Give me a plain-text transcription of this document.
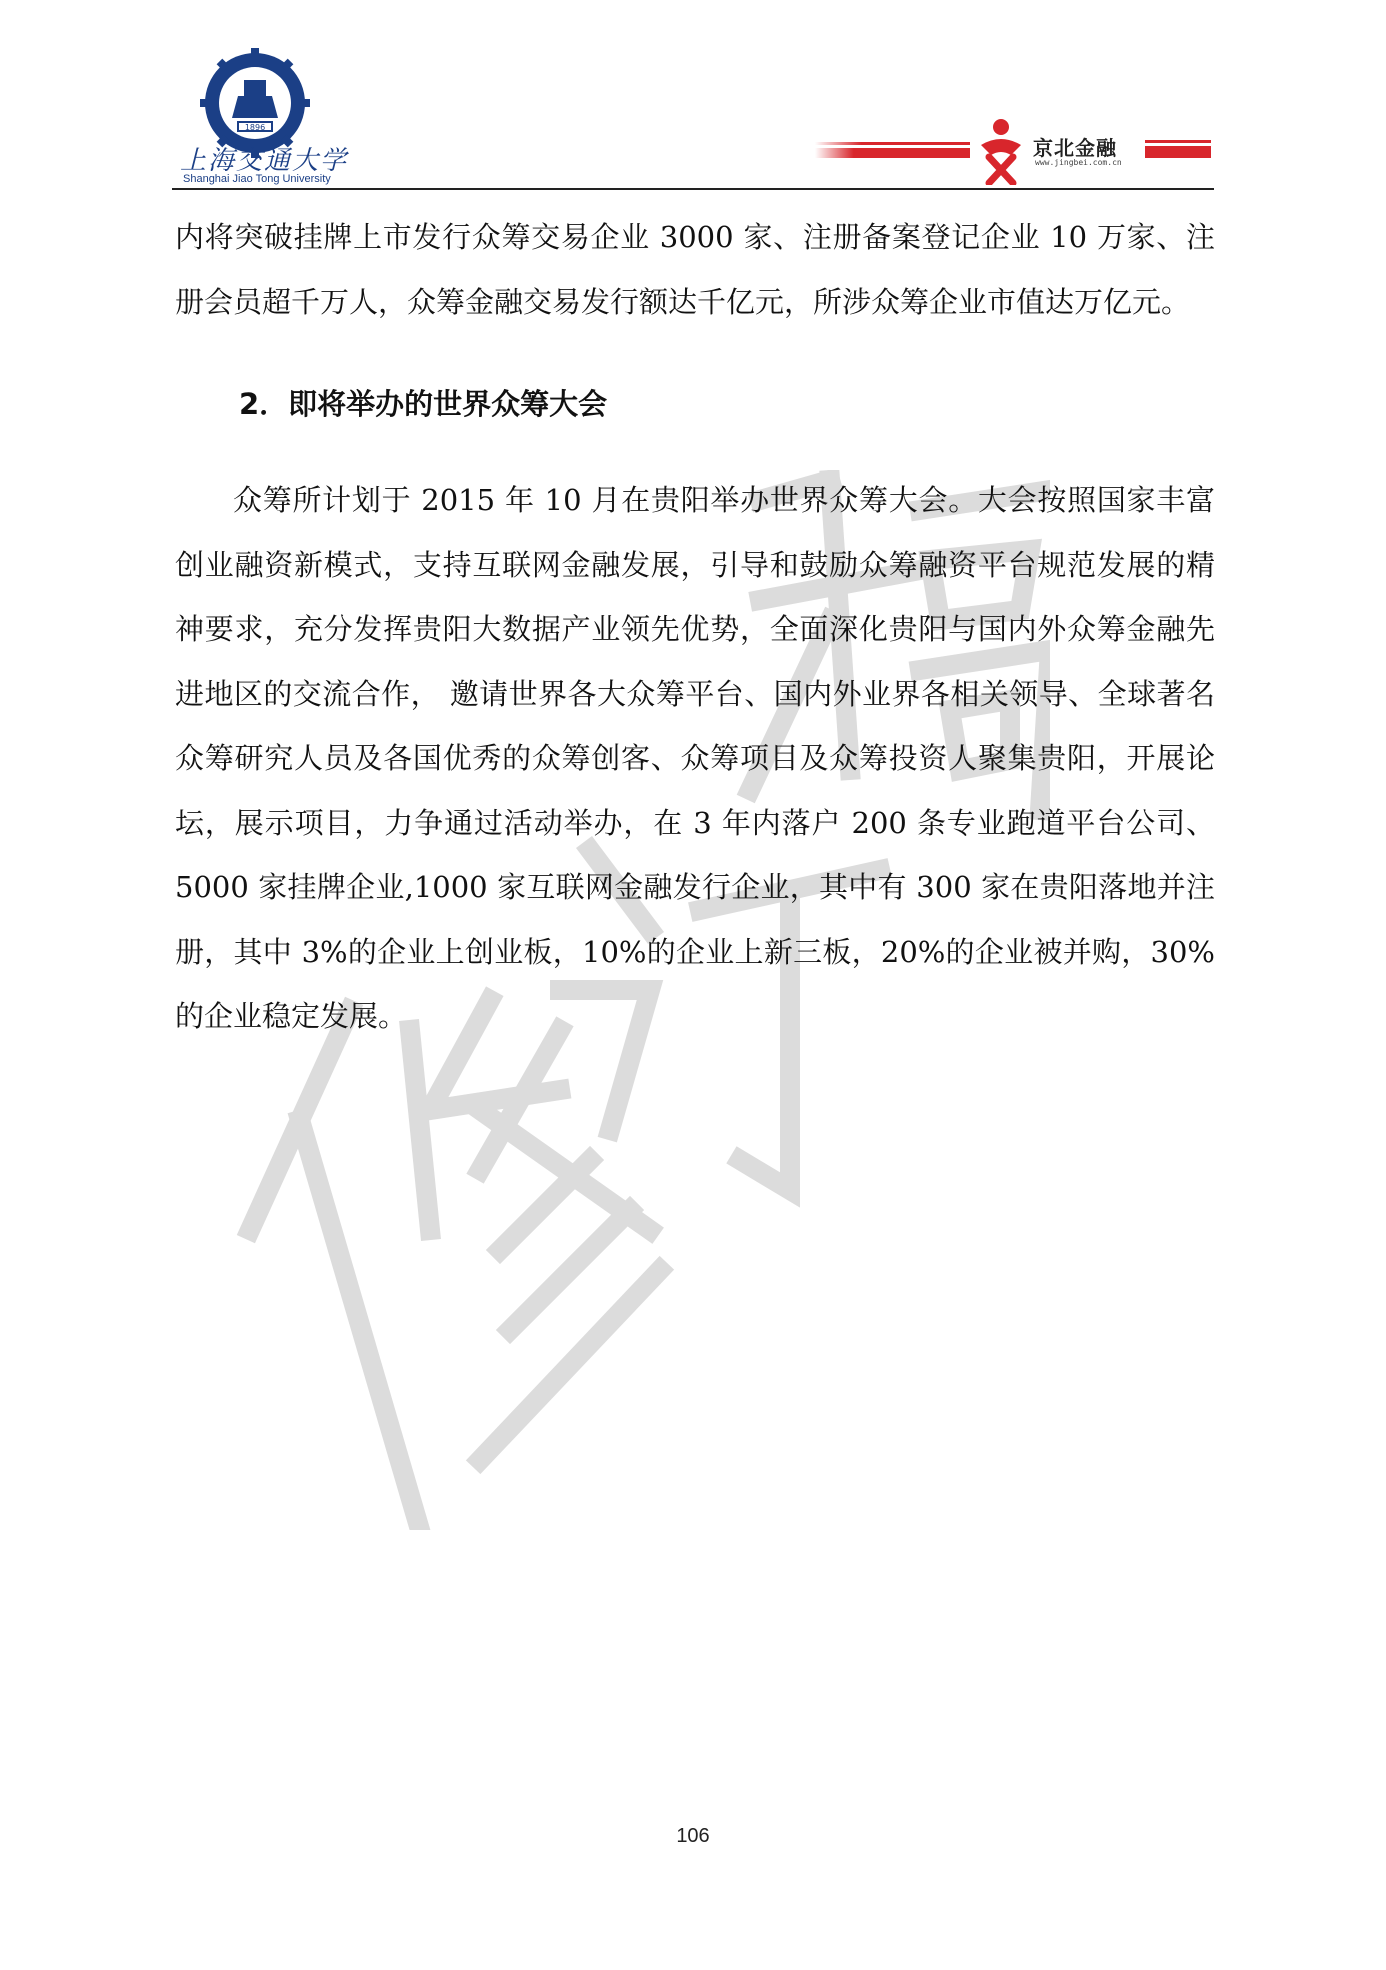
1896
上海交通大学
Shanghai Jiao Tong University
京北金融
www.jingbei.com.cn

内将突破挂牌上市发行众筹交易企业 3000 家、注册备案登记企业 10 万家、注册会员超千万人，众筹金融交易发行额达千亿元，所涉众筹企业市值达万亿元。

2．即将举办的世界众筹大会

众筹所计划于 2015 年 10 月在贵阳举办世界众筹大会。大会按照国家丰富创业融资新模式，支持互联网金融发展，引导和鼓励众筹融资平台规范发展的精神要求，充分发挥贵阳大数据产业领先优势，全面深化贵阳与国内外众筹金融先进地区的交流合作， 邀请世界各大众筹平台、国内外业界各相关领导、全球著名众筹研究人员及各国优秀的众筹创客、众筹项目及众筹投资人聚集贵阳，开展论坛，展示项目，力争通过活动举办，在 3 年内落户 200 条专业跑道平台公司、5000 家挂牌企业,1000 家互联网金融发行企业，其中有 300 家在贵阳落地并注册，其中 3%的企业上创业板，10%的企业上新三板，20%的企业被并购，30%的企业稳定发展。

106
